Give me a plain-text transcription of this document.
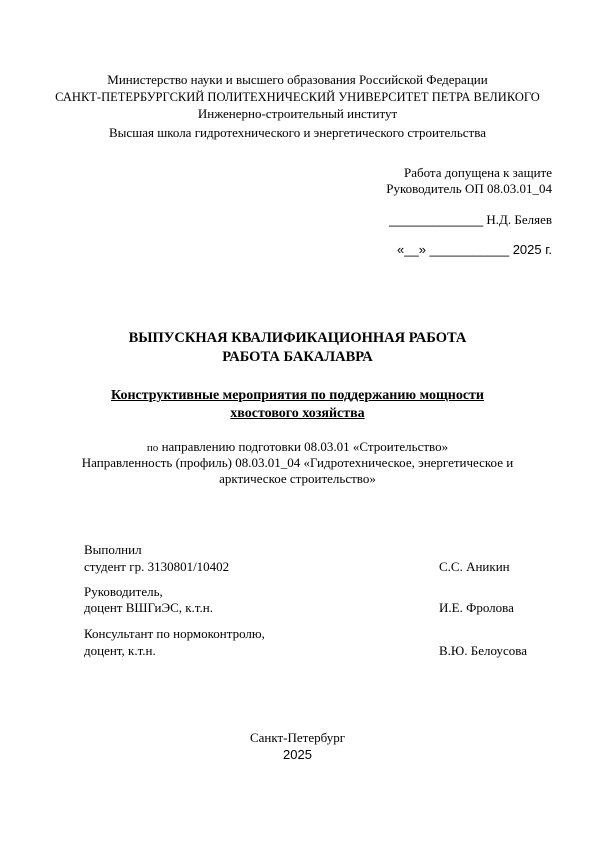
Министерство науки и высшего образования Российской Федерации
САНКТ-ПЕТЕРБУРГСКИЙ ПОЛИТЕХНИЧЕСКИЙ УНИВЕРСИТЕТ ПЕТРА ВЕЛИКОГО
Инженерно-строительный институт
Высшая школа гидротехнического и энергетического строительства
Работа допущена к защите
Руководитель ОП 08.03.01_04
_____________ Н.Д. Беляев
«__» ___________ 2025 г.
ВЫПУСКНАЯ КВАЛИФИКАЦИОННАЯ РАБОТА
РАБОТА БАКАЛАВРА
Конструктивные мероприятия по поддержанию мощности
хвостового хозяйства
по направлению подготовки 08.03.01 «Строительство»
Направленность (профиль) 08.03.01_04 «Гидротехническое, энергетическое и
арктическое строительство»
Выполнил
студент гр. 3130801/10402	С.С. Аникин
Руководитель,
доцент ВШГиЭС, к.т.н.	И.Е. Фролова
Консультант по нормоконтролю,
доцент, к.т.н.	В.Ю. Белоусова
Санкт-Петербург
2025
